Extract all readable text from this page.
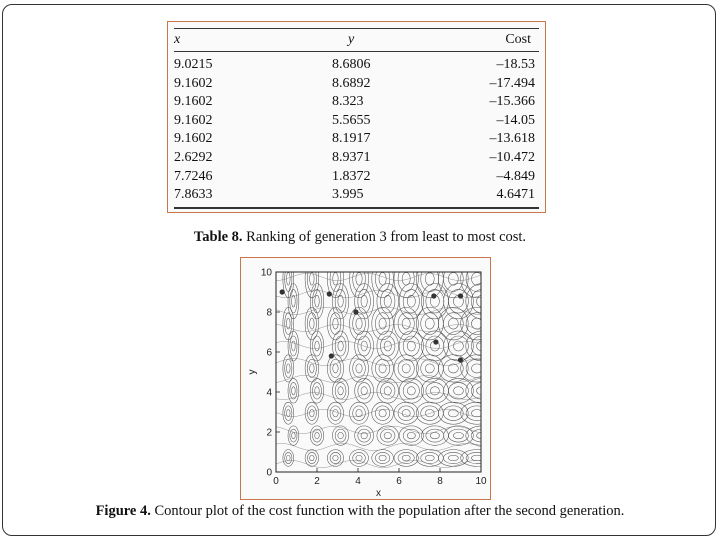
x	y	Cost
9.0215	8.6806	–18.53
9.1602	8.6892	–17.494
9.1602	8.323	–15.366
9.1602	5.5655	–14.05
9.1602	8.1917	–13.618
2.6292	8.9371	–10.472
7.7246	1.8372	–4.849
7.8633	3.995	4.6471
Table 8. Ranking of generation 3 from least to most cost.
0	2	4	6	8	10
0
2
4
6
8
10
x
y
Figure 4. Contour plot of the cost function with the population after the second generation.
